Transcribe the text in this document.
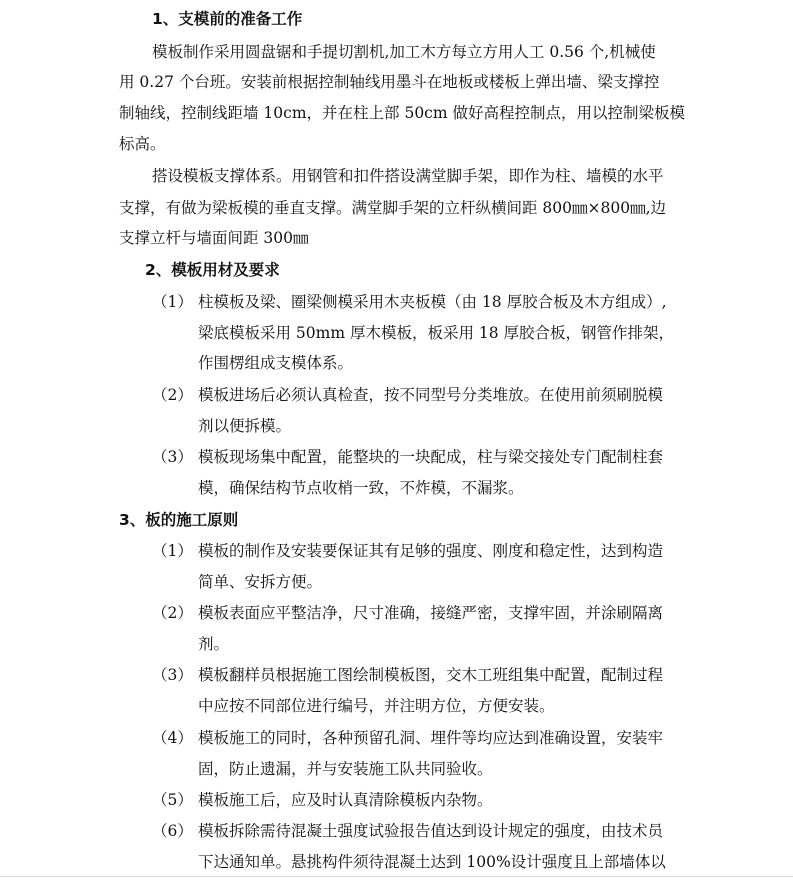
1、支模前的准备工作
模板制作采用圆盘锯和手提切割机,加工木方每立方用人工 0.56 个,机械使
用 0.27 个台班。安装前根据控制轴线用墨斗在地板或楼板上弹出墙、梁支撑控
制轴线，控制线距墙 10cm，并在柱上部 50cm 做好高程控制点，用以控制梁板模
标高。
搭设模板支撑体系。用钢管和扣件搭设满堂脚手架，即作为柱、墙模的水平
支撑，有做为梁板模的垂直支撑。满堂脚手架的立杆纵横间距 800㎜×800㎜,边
支撑立杆与墙面间距 300㎜
2、模板用材及要求
（1） 柱模板及梁、圈梁侧模采用木夹板模（由 18 厚胶合板及木方组成）,
梁底模板采用 50mm 厚木模板，板采用 18 厚胶合板，钢管作排架，
作围楞组成支模体系。
（2） 模板进场后必须认真检查，按不同型号分类堆放。在使用前须刷脱模
剂以便拆模。
（3） 模板现场集中配置，能整块的一块配成，柱与梁交接处专门配制柱套
模，确保结构节点收梢一致，不炸模，不漏浆。
3、板的施工原则
（1） 模板的制作及安装要保证其有足够的强度、刚度和稳定性，达到构造
简单、安拆方便。
（2） 模板表面应平整洁净，尺寸准确，接缝严密，支撑牢固，并涂刷隔离
剂。
（3） 模板翻样员根据施工图绘制模板图，交木工班组集中配置，配制过程
中应按不同部位进行编号，并注明方位，方便安装。
（4） 模板施工的同时，各种预留孔洞、埋件等均应达到准确设置，安装牢
固，防止遗漏，并与安装施工队共同验收。
（5） 模板施工后，应及时认真清除模板内杂物。
（6） 模板拆除需待混凝土强度试验报告值达到设计规定的强度，由技术员
下达通知单。悬挑构件须待混凝土达到 100%设计强度且上部墙体以
